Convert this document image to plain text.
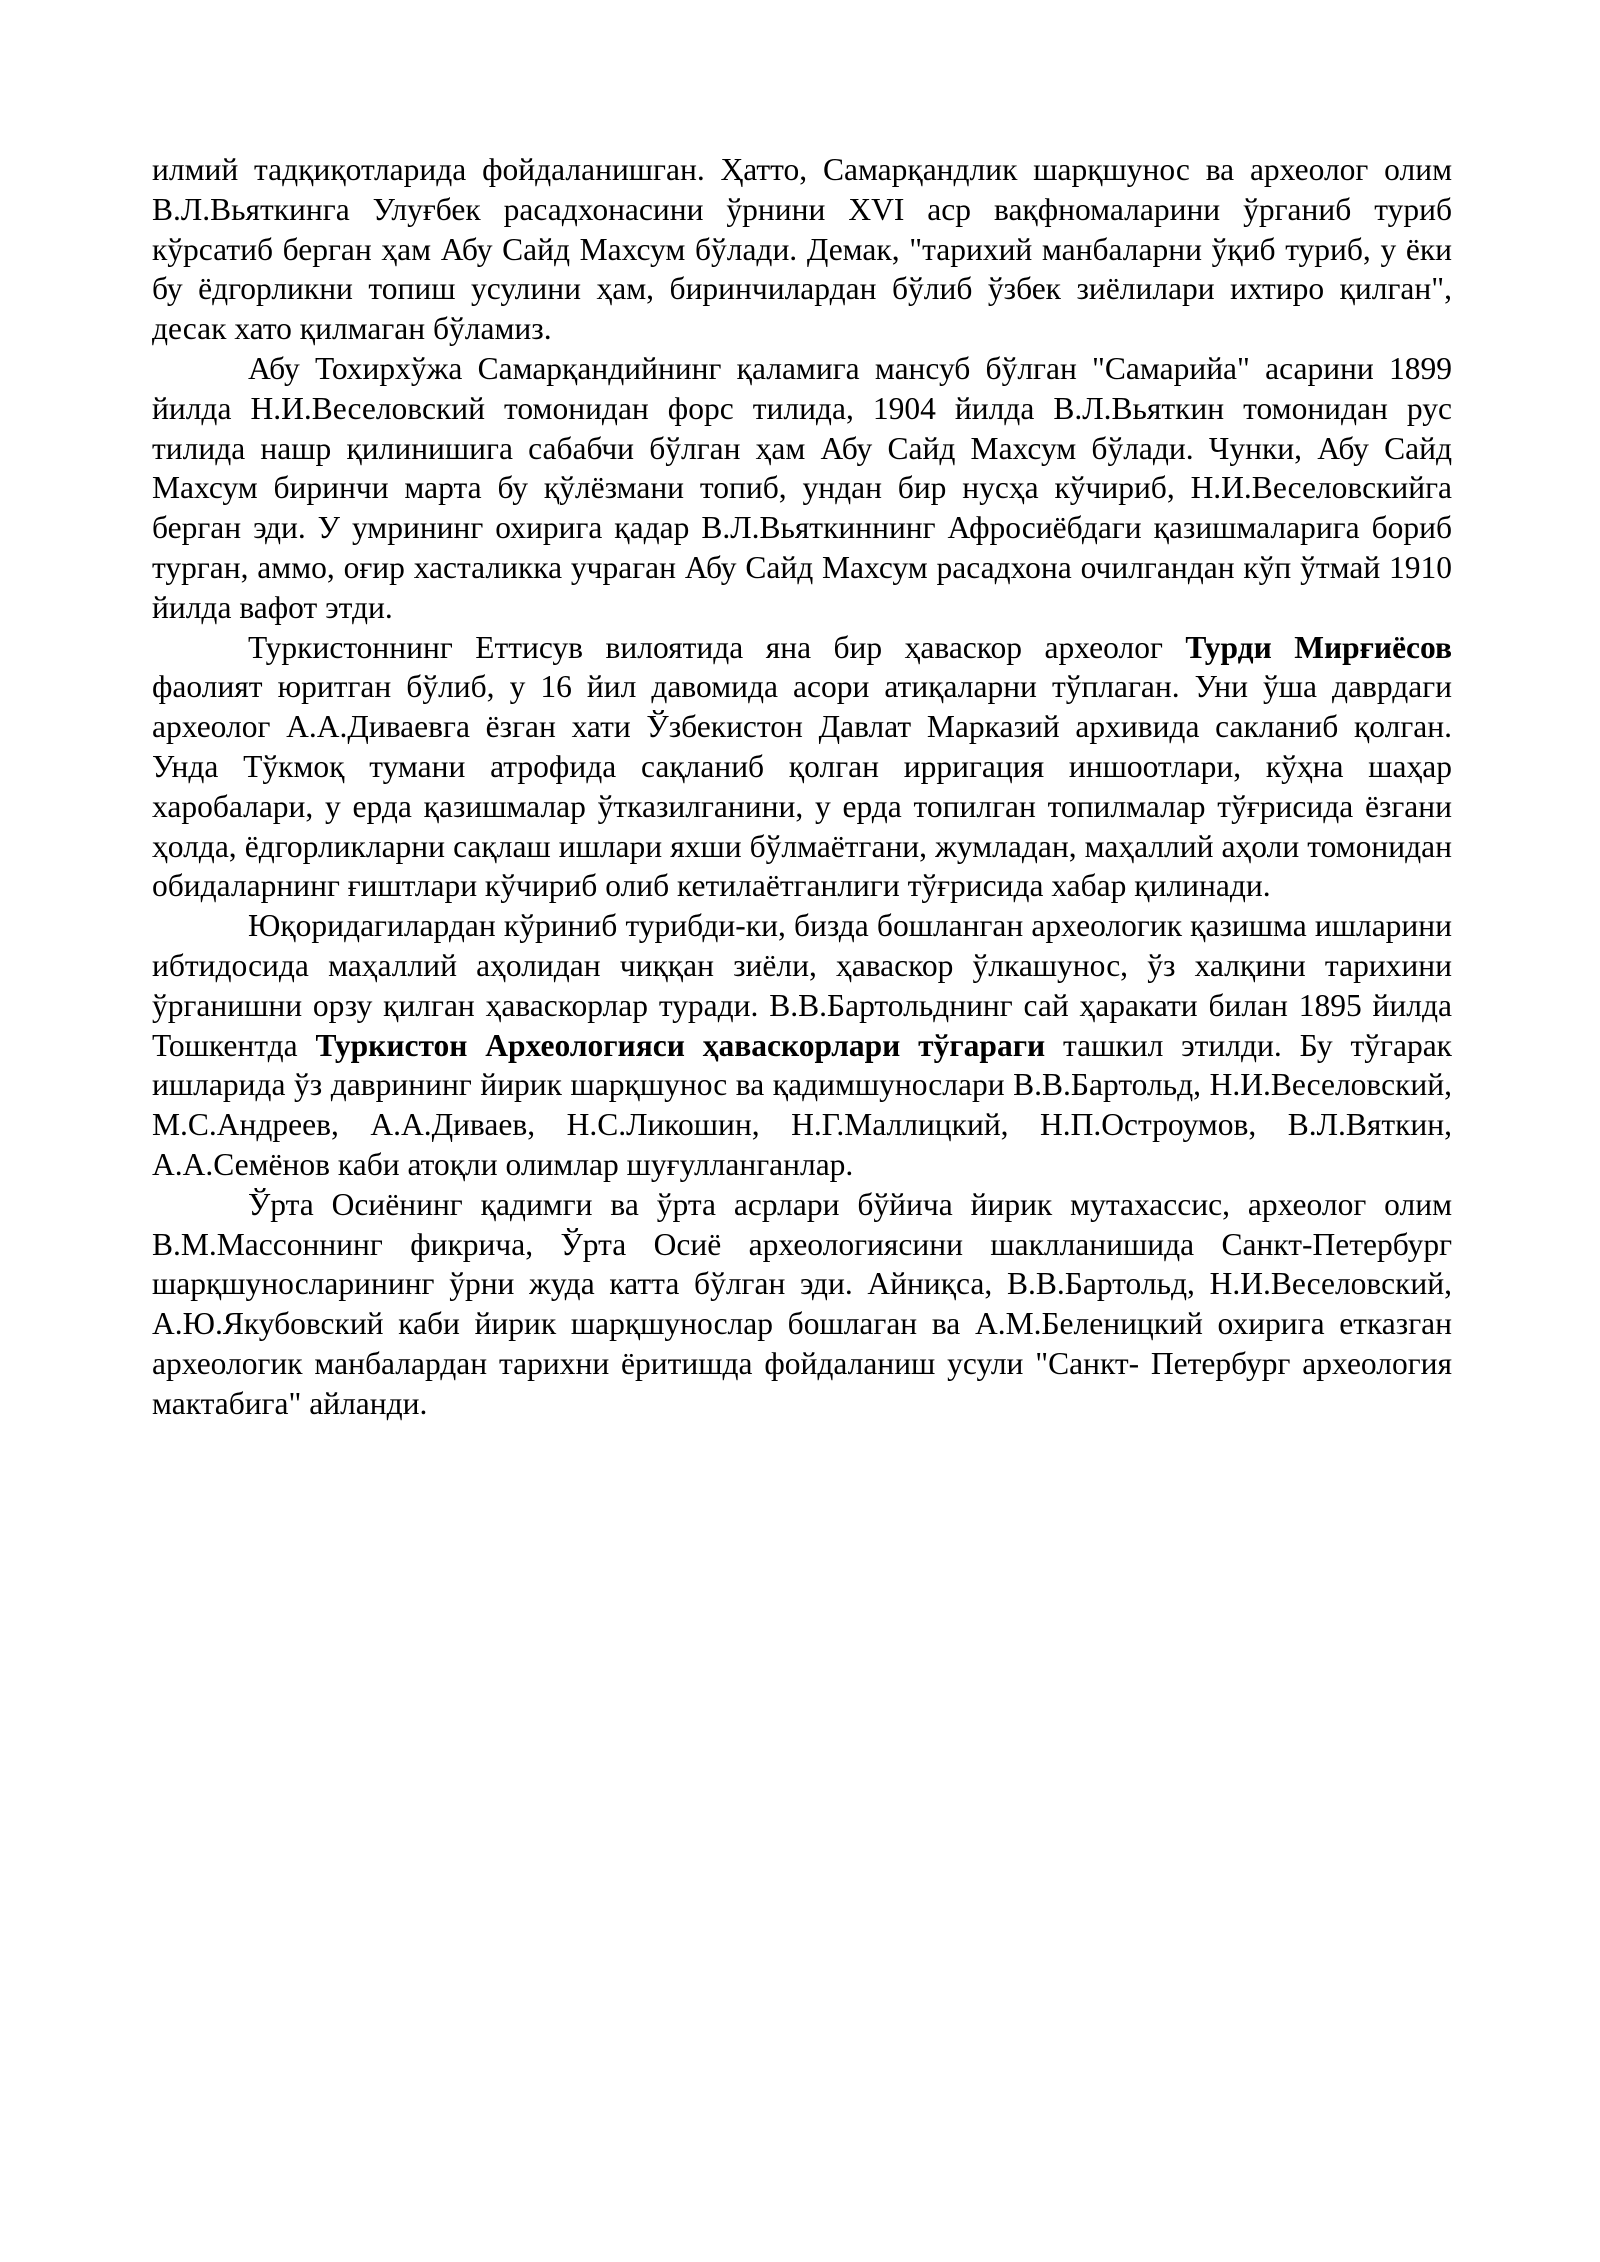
илмий тадқиқотларида фойдаланишган. Ҳатто, Самарқандлик шарқшунос ва археолог олим В.Л.Вьяткинга Улуғбек расадхонасини ўрнини XVI аср вақфномаларини ўрганиб туриб кўрсатиб берган ҳам Абу Сайд Махсум бўлади. Демак, "тарихий манбаларни ўқиб туриб, у ёки бу ёдгорликни топиш усулини ҳам, биринчилардан бўлиб ўзбек зиёлилари ихтиро қилган", десак хато қилмаган бўламиз.

Абу Тохирхўжа Самарқандийнинг қаламига мансуб бўлган "Самарийа" асарини 1899 йилда Н.И.Веселовский томонидан форс тилида, 1904 йилда В.Л.Вьяткин томонидан рус тилида нашр қилинишига сабабчи бўлган ҳам Абу Сайд Махсум бўлади. Чунки, Абу Сайд Махсум биринчи марта бу қўлёзмани топиб, ундан бир нусҳа кўчириб, Н.И.Веселовскийга берган эди. У умрининг охирига қадар В.Л.Вьяткиннинг Афросиёбдаги қазишмаларига бориб турган, аммо, оғир хасталикка учраган Абу Сайд Махсум расадхона очилгандан кўп ўтмай 1910 йилда вафот этди.

Туркистоннинг Еттисув вилоятида яна бир ҳаваскор археолог Турди Мирғиёсов фаолият юритган бўлиб, у 16 йил давомида асори атиқаларни тўплаган. Уни ўша даврдаги археолог А.А.Диваевга ёзган хати Ўзбекистон Давлат Марказий архивида сакланиб қолган. Унда Тўкмоқ тумани атрофида сақланиб қолган ирригация иншоотлари, кўҳна шаҳар харобалари, у ерда қазишмалар ўтказилганини, у ерда топилган топилмалар тўғрисида ёзгани ҳолда, ёдгорликларни сақлаш ишлари яхши бўлмаётгани, жумладан, маҳаллий аҳоли томонидан обидаларнинг ғиштлари кўчириб олиб кетилаётганлиги тўғрисида хабар қилинади.

Юқоридагилардан кўриниб турибди-ки, бизда бошланган археологик қазишма ишларини ибтидосида маҳаллий аҳолидан чиққан зиёли, ҳаваскор ўлкашунос, ўз халқини тарихини ўрганишни орзу қилган ҳаваскорлар туради. В.В.Бартольднинг сай ҳаракати билан 1895 йилда Тошкентда Туркистон Археологияси ҳаваскорлари тўгараги ташкил этилди. Бу тўгарак ишларида ўз даврининг йирик шарқшунос ва қадимшунослари В.В.Бартольд, Н.И.Веселовский, М.С.Андреев, А.А.Диваев, Н.С.Ликошин, Н.Г.Маллицкий, Н.П.Остроумов, В.Л.Вяткин, А.А.Семёнов каби атоқли олимлар шуғулланганлар.

Ўрта Осиёнинг қадимги ва ўрта асрлари бўйича йирик мутахассис, археолог олим В.М.Массоннинг фикрича, Ўрта Осиё археологиясини шаклланишида Санкт-Петербург шарқшуносларининг ўрни жуда катта бўлган эди. Айниқса, В.В.Бартольд, Н.И.Веселовский, А.Ю.Якубовский каби йирик шарқшунослар бошлаган ва А.М.Беленицкий охирига етказган археологик манбалардан тарихни ёритишда фойдаланиш усули "Санкт- Петербург археология мактабига" айланди.
